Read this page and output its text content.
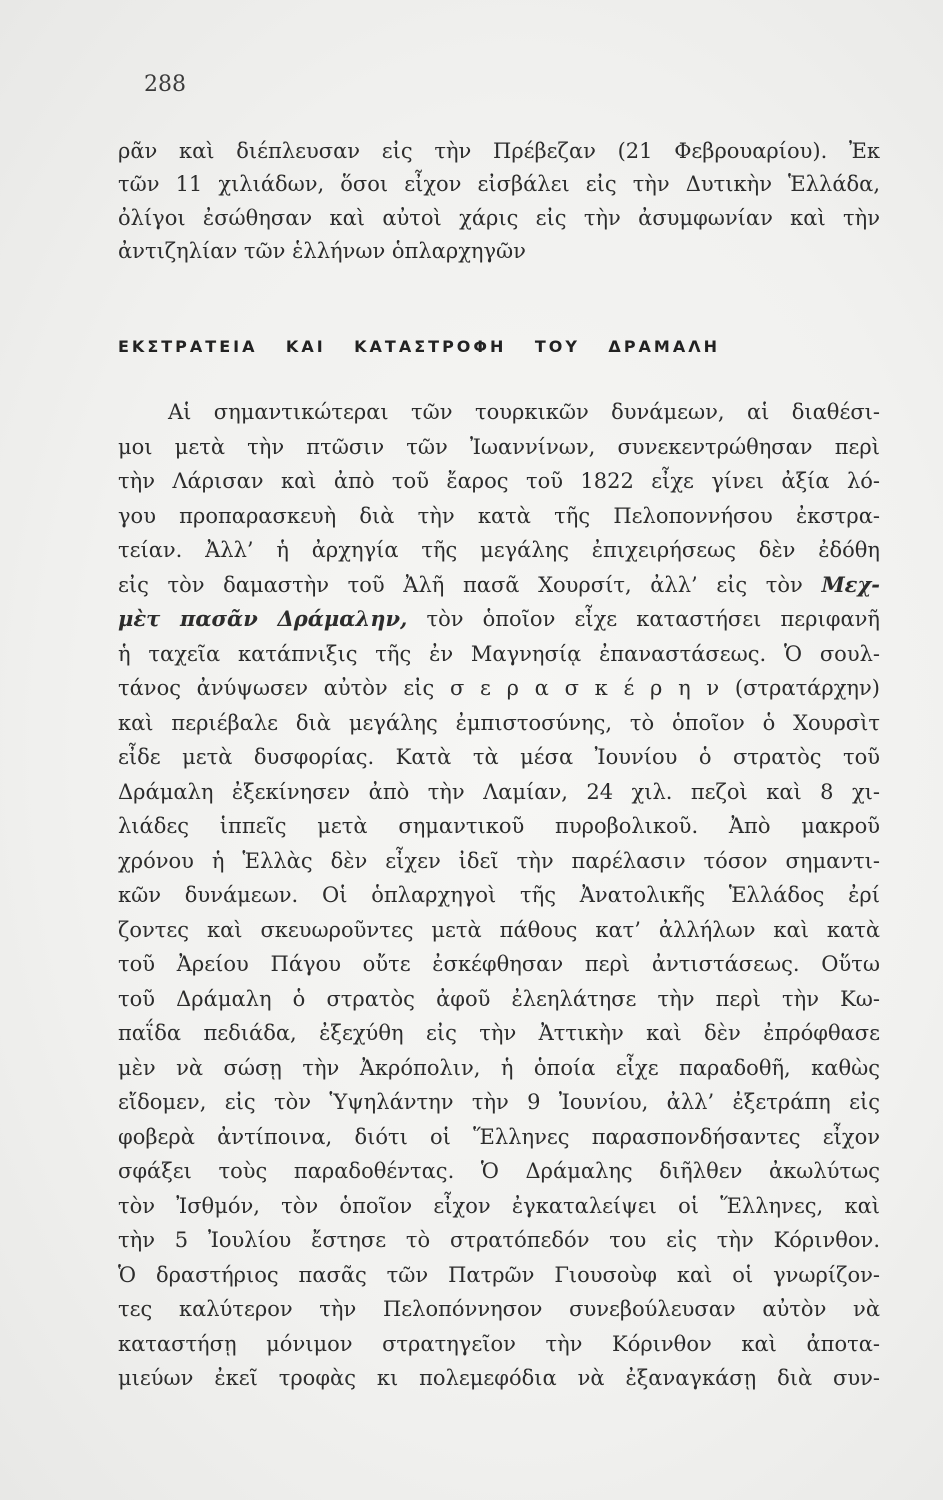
288
ρᾶν καὶ διέπλευσαν εἰς τὴν Πρέβεζαν (21 Φεβρουαρίου). Ἐκ
τῶν 11 χιλιάδων, ὅσοι εἶχον εἰσβάλει εἰς τὴν Δυτικὴν Ἑλλάδα,
ὀλίγοι ἐσώθησαν καὶ αὐτοὶ χάρις εἰς τὴν ἀσυμφωνίαν καὶ τὴν
ἀντιζηλίαν τῶν ἑλλήνων ὁπλαρχηγῶν
ΕΚΣΤΡΑΤΕΙΑ ΚΑΙ ΚΑΤΑΣΤΡΟΦΗ ΤΟΥ ΔΡΑΜΑΛΗ
Αἱ σημαντικώτεραι τῶν τουρκικῶν δυνάμεων, αἱ διαθέσι-
μοι μετὰ τὴν πτῶσιν τῶν Ἰωαννίνων, συνεκεντρώθησαν περὶ
τὴν Λάρισαν καὶ ἀπὸ τοῦ ἔαρος τοῦ 1822 εἶχε γίνει ἀξία λό-
γου προπαρασκευὴ διὰ τὴν κατὰ τῆς Πελοποννήσου ἐκστρα-
τείαν. Ἀλλ’ ἡ ἀρχηγία τῆς μεγάλης ἐπιχειρήσεως δὲν ἐδόθη
εἰς τὸν δαμαστὴν τοῦ Ἀλῆ πασᾶ Χουρσίτ, ἀλλ’ εἰς τὸν Μεχ-
μὲτ πασᾶν Δράμαλην, τὸν ὁποῖον εἶχε καταστήσει περιφανῆ
ἡ ταχεῖα κατάπνιξις τῆς ἐν Μαγνησίᾳ ἐπαναστάσεως. Ὁ σουλ-
τάνος ἀνύψωσεν αὐτὸν εἰς σ ε ρ α σ κ έ ρ η ν (στρατάρχην)
καὶ περιέβαλε διὰ μεγάλης ἐμπιστοσύνης, τὸ ὁποῖον ὁ Χουρσὶτ
εἶδε μετὰ δυσφορίας. Κατὰ τὰ μέσα Ἰουνίου ὁ στρατὸς τοῦ
Δράμαλη ἐξεκίνησεν ἀπὸ τὴν Λαμίαν, 24 χιλ. πεζοὶ καὶ 8 χι-
λιάδες ἱππεῖς μετὰ σημαντικοῦ πυροβολικοῦ. Ἀπὸ μακροῦ
χρόνου ἡ Ἑλλὰς δὲν εἶχεν ἰδεῖ τὴν παρέλασιν τόσον σημαντι-
κῶν δυνάμεων. Οἱ ὁπλαρχηγοὶ τῆς Ἀνατολικῆς Ἑλλάδος ἐρί
ζοντες καὶ σκευωροῦντες μετὰ πάθους κατ’ ἀλλήλων καὶ κατὰ
τοῦ Ἀρείου Πάγου οὔτε ἐσκέφθησαν περὶ ἀντιστάσεως. Οὕτω
τοῦ Δράμαλη ὁ στρατὸς ἀφοῦ ἐλεηλάτησε τὴν περὶ τὴν Κω-
παΐδα πεδιάδα, ἐξεχύθη εἰς τὴν Ἀττικὴν καὶ δὲν ἐπρόφθασε
μὲν νὰ σώσῃ τὴν Ἀκρόπολιν, ἡ ὁποία εἶχε παραδοθῆ, καθὼς
εἴδομεν, εἰς τὸν Ὑψηλάντην τὴν 9 Ἰουνίου, ἀλλ’ ἐξετράπη εἰς
φοβερὰ ἀντίποινα, διότι οἱ Ἕλληνες παρασπονδήσαντες εἶχον
σφάξει τοὺς παραδοθέντας. Ὁ Δράμαλης διῆλθεν ἀκωλύτως
τὸν Ἰσθμόν, τὸν ὁποῖον εἶχον ἐγκαταλείψει οἱ Ἕλληνες, καὶ
τὴν 5 Ἰουλίου ἔστησε τὸ στρατόπεδόν του εἰς τὴν Κόρινθον.
Ὁ δραστήριος πασᾶς τῶν Πατρῶν Γιουσοὺφ καὶ οἱ γνωρίζον-
τες καλύτερον τὴν Πελοπόννησον συνεβούλευσαν αὐτὸν νὰ
καταστήσῃ μόνιμον στρατηγεῖον τὴν Κόρινθον καὶ ἀποτα-
μιεύων ἐκεῖ τροφὰς κι πολεμεφόδια νὰ ἐξαναγκάσῃ διὰ συν-
